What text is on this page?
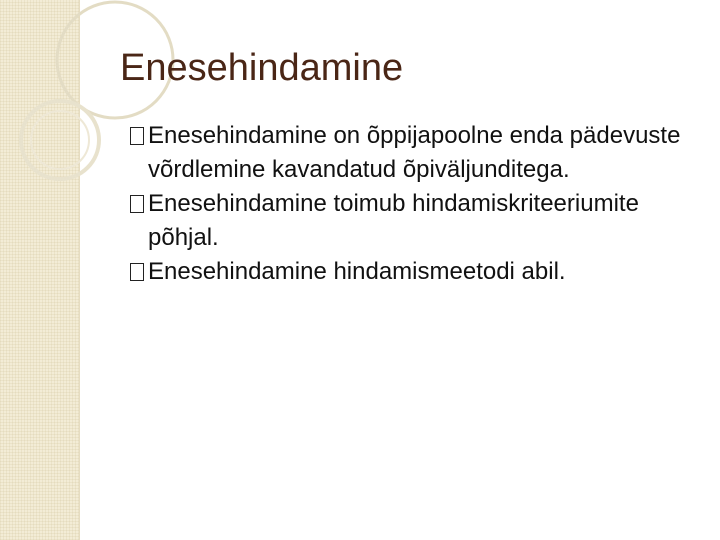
Enesehindamine
Enesehindamine on õppijapoolne enda pädevuste võrdlemine kavandatud õpiväljunditega.
Enesehindamine toimub hindamiskriteeriumite põhjal.
Enesehindamine hindamismeetodi abil.
